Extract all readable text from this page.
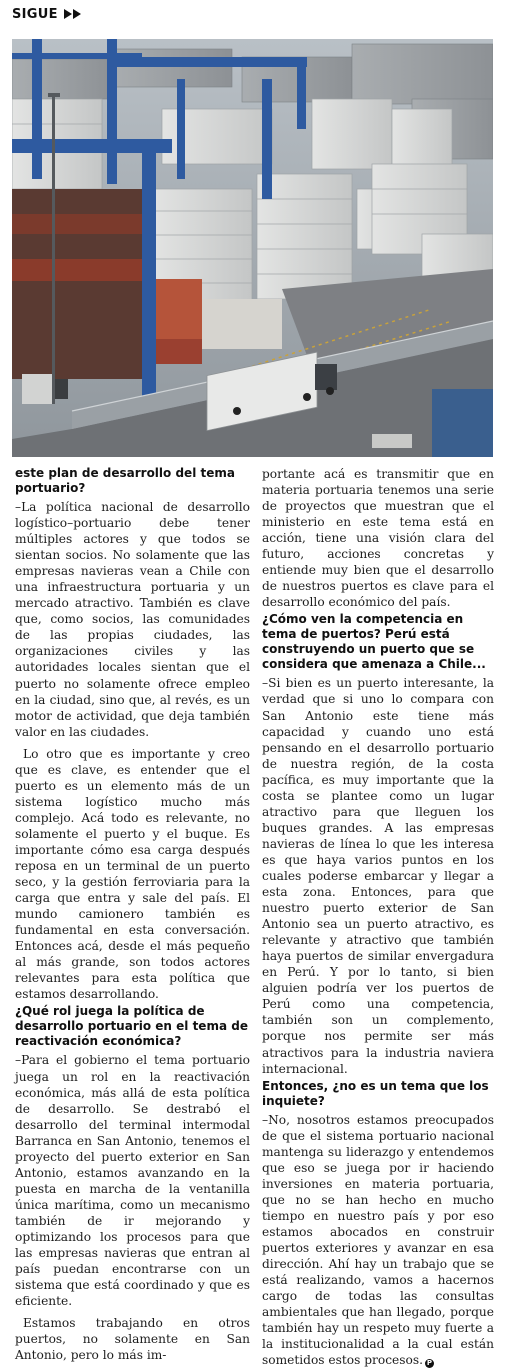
SIGUE
este plan de desarrollo del tema portuario?

–La política nacional de desarrollo logístico–portuario debe tener múltiples actores y que todos se sientan socios. No solamente que las empresas navieras vean a Chile con una infraestructura portuaria y un mercado atractivo. También es clave que, como socios, las comunidades de las propias ciudades, las organizaciones civiles y las autoridades locales sientan que el puerto no solamente ofrece empleo en la ciudad, sino que, al revés, es un motor de actividad, que deja también valor en las ciudades.

Lo otro que es importante y creo que es clave, es entender que el puerto es un elemento más de un sistema logístico mucho más complejo. Acá todo es relevante, no solamente el puerto y el buque. Es importante cómo esa carga después reposa en un terminal de un puerto seco, y la gestión ferroviaria para la carga que entra y sale del país. El mundo camionero también es fundamental en esta conversación. Entonces acá, desde el más pequeño al más grande, son todos actores relevantes para esta política que estamos desarrollando.

¿Qué rol juega la política de desarrollo portuario en el tema de reactivación económica?

–Para el gobierno el tema portuario juega un rol en la reactivación económica, más allá de esta política de desarrollo. Se destrabó el desarrollo del terminal intermodal Barranca en San Antonio, tenemos el proyecto del puerto exterior en San Antonio, estamos avanzando en la puesta en marcha de la ventanilla única marítima, como un mecanismo también de ir mejorando y optimizando los procesos para que las empresas navieras que entran al país puedan encontrarse con un sistema que está coordinado y que es eficiente.

Estamos trabajando en otros puertos, no solamente en San Antonio, pero lo más im-

portante acá es transmitir que en materia portuaria tenemos una serie de proyectos que muestran que el ministerio en este tema está en acción, tiene una visión clara del futuro, acciones concretas y entiende muy bien que el desarrollo de nuestros puertos es clave para el desarrollo económico del país.

¿Cómo ven la competencia en tema de puertos? Perú está construyendo un puerto que se considera que amenaza a Chile...

–Si bien es un puerto interesante, la verdad que si uno lo compara con San Antonio este tiene más capacidad y cuando uno está pensando en el desarrollo portuario de nuestra región, de la costa pacífica, es muy importante que la costa se plantee como un lugar atractivo para que lleguen los buques grandes. A las empresas navieras de línea lo que les interesa es que haya varios puntos en los cuales poderse embarcar y llegar a esta zona. Entonces, para que nuestro puerto exterior de San Antonio sea un puerto atractivo, es relevante y atractivo que también haya puertos de similar envergadura en Perú. Y por lo tanto, si bien alguien podría ver los puertos de Perú como una competencia, también son un complemento, porque nos permite ser más atractivos para la industria naviera internacional.

Entonces, ¿no es un tema que los inquiete?

–No, nosotros estamos preocupados de que el sistema portuario nacional mantenga su liderazgo y entendemos que eso se juega por ir haciendo inversiones en materia portuaria, que no se han hecho en mucho tiempo en nuestro país y por eso estamos abocados en construir puertos exteriores y avanzar en esa dirección. Ahí hay un trabajo que se está realizando, vamos a hacernos cargo de todas las consultas ambientales que han llegado, porque también hay un respeto muy fuerte a la institucionalidad a la cual están sometidos estos procesos. P
